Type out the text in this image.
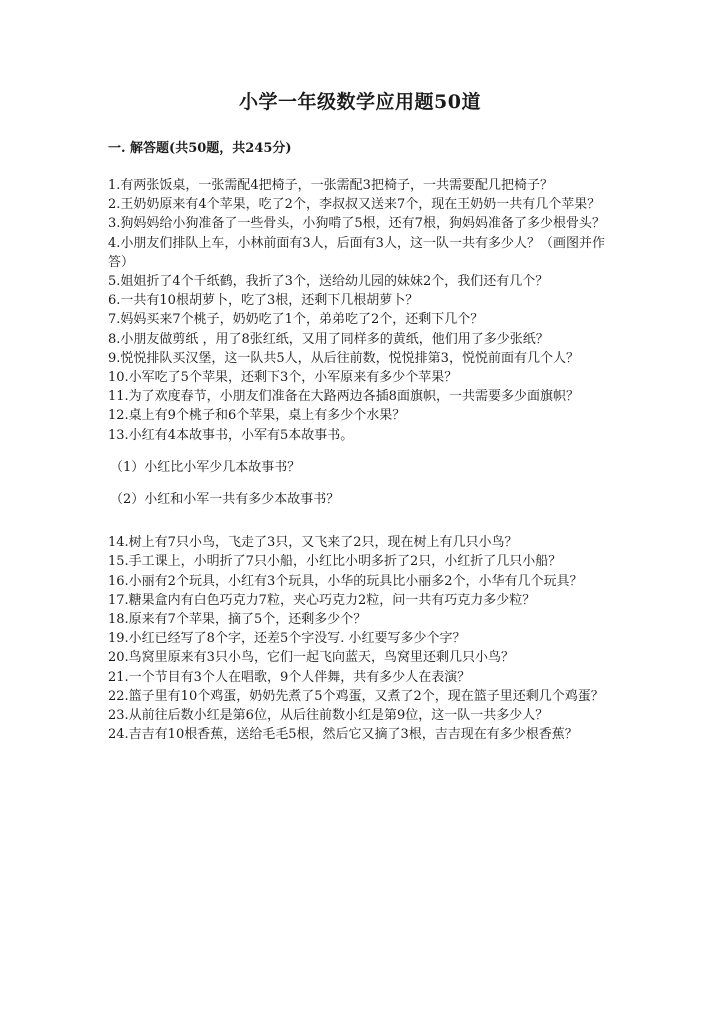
小学一年级数学应用题50道
一. 解答题(共50题，共245分)

1.有两张饭桌，一张需配4把椅子，一张需配3把椅子，一共需要配几把椅子？

2.王奶奶原来有4个苹果，吃了2个，李叔叔又送来7个，现在王奶奶一共有几个苹果？

3.狗妈妈给小狗准备了一些骨头，小狗啃了5根，还有7根，狗妈妈准备了多少根骨头？

4.小朋友们排队上车，小林前面有3人，后面有3人，这一队一共有多少人？（画图并作答）

5.姐姐折了4个千纸鹤，我折了3个，送给幼儿园的妹妹2个，我们还有几个？

6.一共有10根胡萝卜，吃了3根，还剩下几根胡萝卜？

7.妈妈买来7个桃子，奶奶吃了1个，弟弟吃了2个，还剩下几个？

8.小朋友做剪纸 ，用了8张红纸，又用了同样多的黄纸，他们用了多少张纸？

9.悦悦排队买汉堡，这一队共5人，从后往前数，悦悦排第3，悦悦前面有几个人？

10.小军吃了5个苹果，还剩下3个，小军原来有多少个苹果？

11.为了欢度春节，小朋友们准备在大路两边各插8面旗帜，一共需要多少面旗帜？

12.桌上有9个桃子和6个苹果，桌上有多少个水果？

13.小红有4本故事书，小军有5本故事书。

（1）小红比小军少几本故事书？

（2）小红和小军一共有多少本故事书？

14.树上有7只小鸟，飞走了3只，又飞来了2只，现在树上有几只小鸟？

15.手工课上，小明折了7只小船，小红比小明多折了2只，小红折了几只小船？

16.小丽有2个玩具，小红有3个玩具，小华的玩具比小丽多2个，小华有几个玩具？

17.糖果盒内有白色巧克力7粒，夹心巧克力2粒，问一共有巧克力多少粒？

18.原来有7个苹果，摘了5个，还剩多少个？

19.小红已经写了8个字，还差5个字没写. 小红要写多少个字？

20.鸟窝里原来有3只小鸟，它们一起飞向蓝天，鸟窝里还剩几只小鸟？

21.一个节目有3个人在唱歌，9个人伴舞，共有多少人在表演？

22.篮子里有10个鸡蛋，奶奶先煮了5个鸡蛋，又煮了2个，现在篮子里还剩几个鸡蛋？

23.从前往后数小红是第6位，从后往前数小红是第9位，这一队一共多少人？

24.吉吉有10根香蕉，送给毛毛5根，然后它又摘了3根，吉吉现在有多少根香蕉？
